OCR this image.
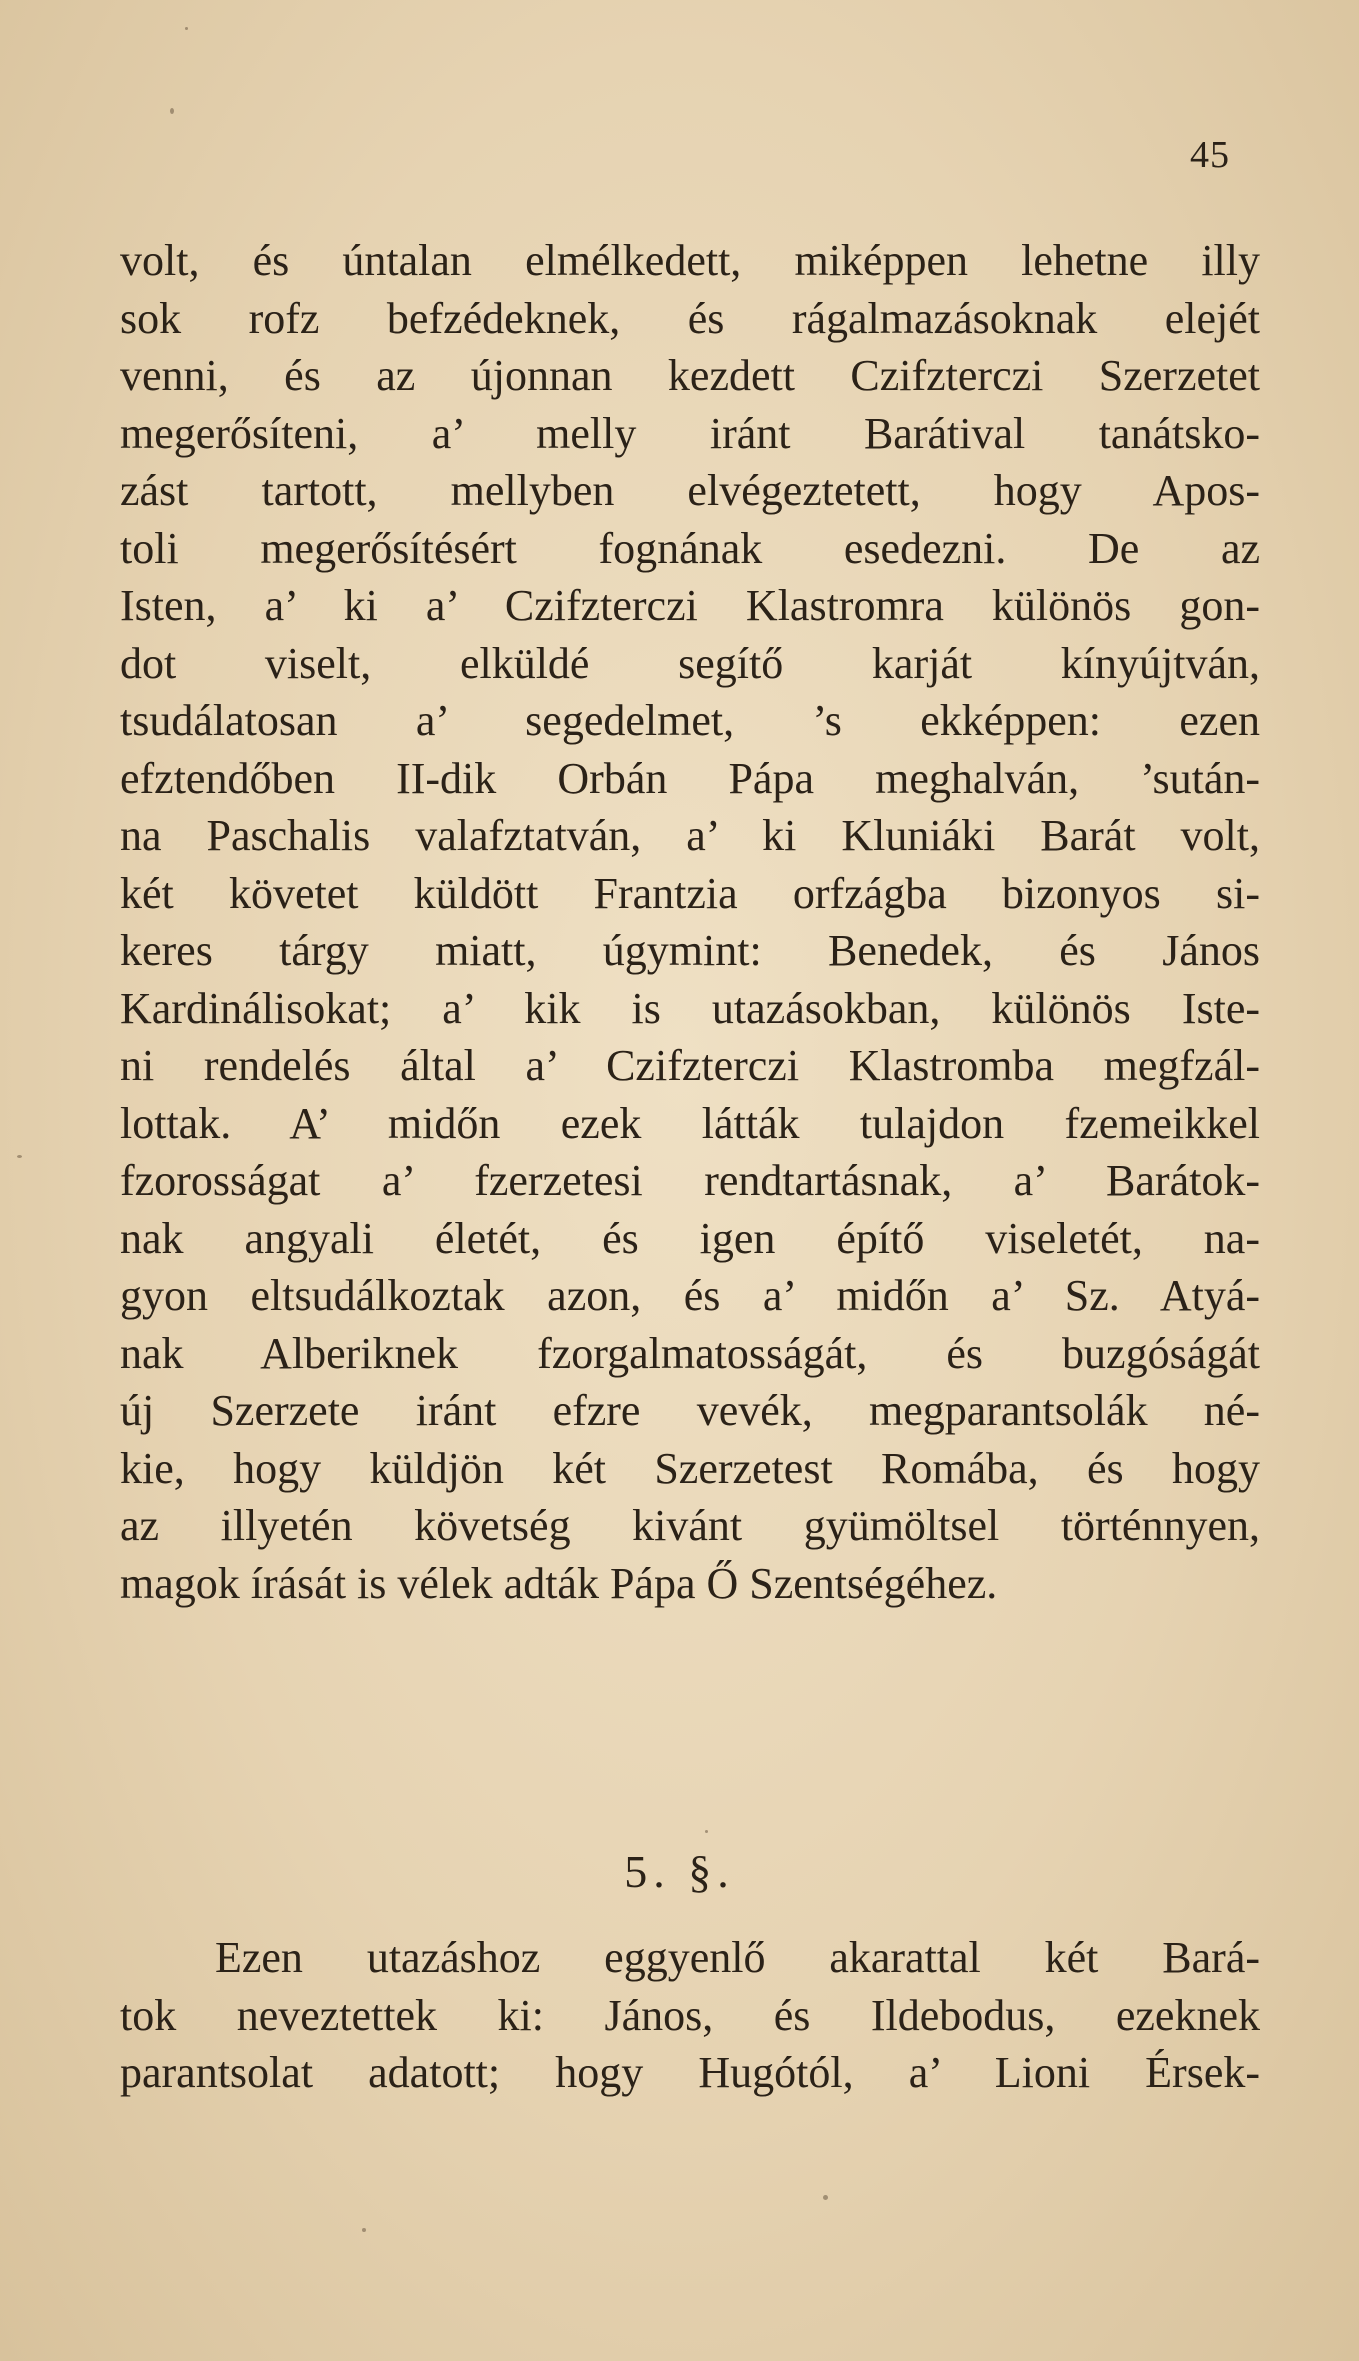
45
volt, és úntalan elmélkedett, miképpen lehetne illy
sok rofz befzédeknek, és rágalmazásoknak elejét
venni, és az újonnan kezdett Czifzterczi Szerzetet
megerősíteni, a’ melly iránt Barátival tanátsko-
zást tartott, mellyben elvégeztetett, hogy Apos-
toli megerősítésért fognának esedezni. De az
Isten, a’ ki a’ Czifzterczi Klastromra különös gon-
dot viselt, elküldé segítő karját kínyújtván,
tsudálatosan a’ segedelmet, ’s ekképpen: ezen
efztendőben II-dik Orbán Pápa meghalván, ’sután-
na Paschalis valafztatván, a’ ki Kluniáki Barát volt,
két követet küldött Frantzia orfzágba bizonyos si-
keres tárgy miatt, úgymint: Benedek, és János
Kardinálisokat; a’ kik is utazásokban, különös Iste-
ni rendelés által a’ Czifzterczi Klastromba megfzál-
lottak. A’ midőn ezek látták tulajdon fzemeikkel
fzorosságat a’ fzerzetesi rendtartásnak, a’ Barátok-
nak angyali életét, és igen építő viseletét, na-
gyon eltsudálkoztak azon, és a’ midőn a’ Sz. Atyá-
nak Alberiknek fzorgalmatosságát, és buzgóságát
új Szerzete iránt efzre vevék, megparantsolák né-
kie, hogy küldjön két Szerzetest Romába, és hogy
az illyetén követség kivánt gyümöltsel történnyen,
magok írását is vélek adták Pápa Ő Szentségéhez.
5. §.
Ezen utazáshoz eggyenlő akarattal két Bará-
tok neveztettek ki: János, és Ildebodus, ezeknek
parantsolat adatott; hogy Hugótól, a’ Lioni Érsek-
